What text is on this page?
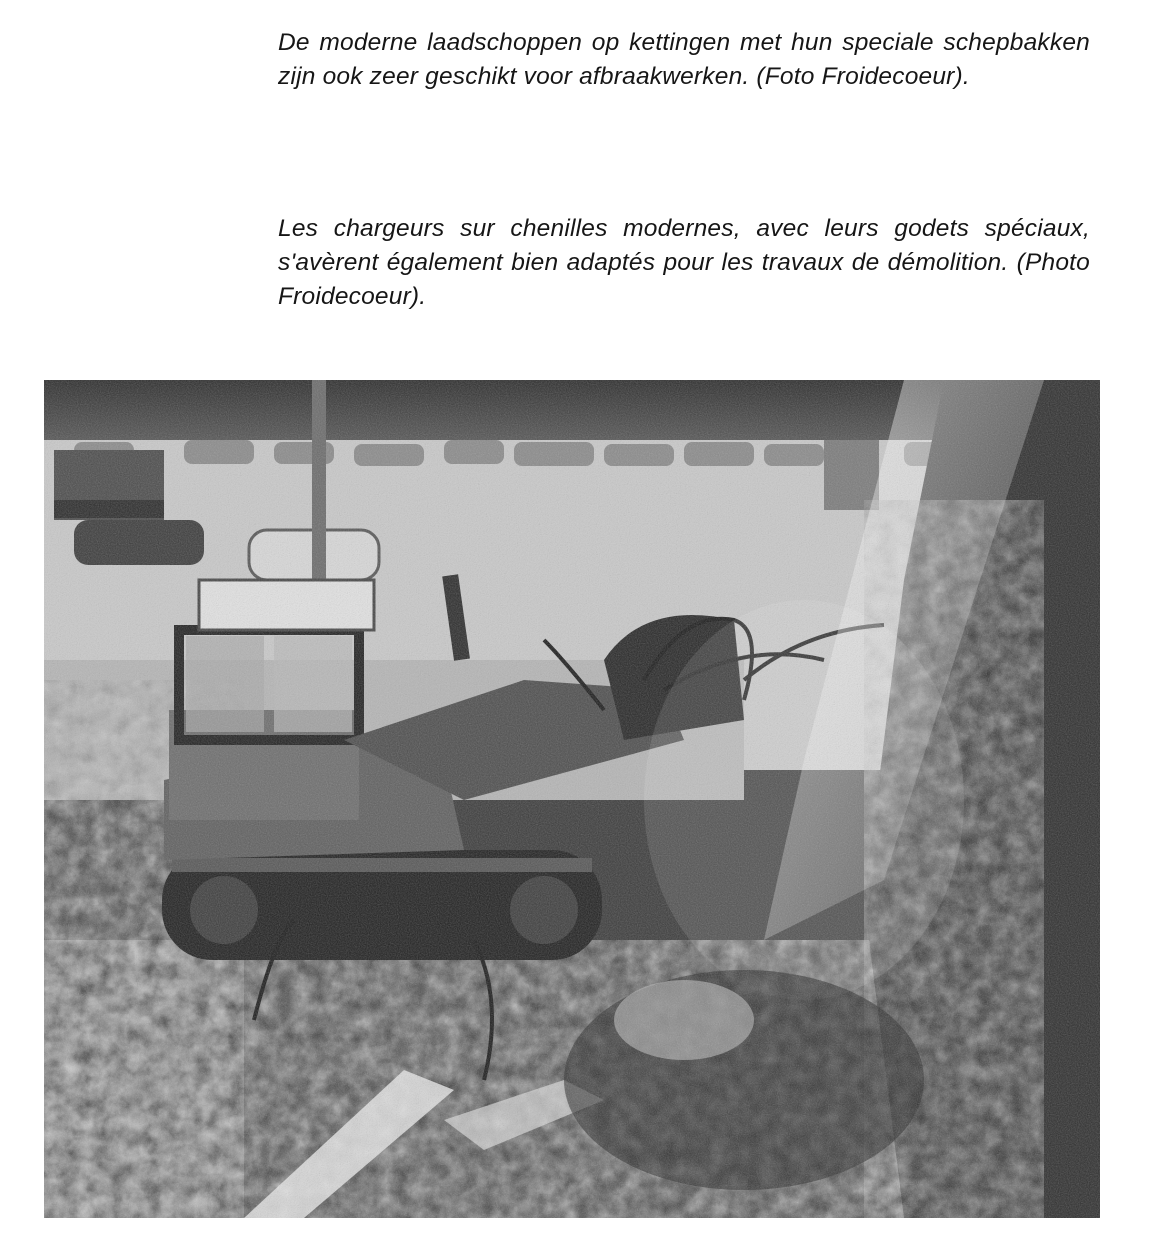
De moderne laadschoppen op kettingen met hun speciale schepbakken zijn ook zeer geschikt voor afbraakwerken. (Foto Froidecoeur).

Les chargeurs sur chenilles modernes, avec leurs godets spéciaux, s'avèrent également bien adaptés pour les travaux de démolition. (Photo Froidecoeur).
